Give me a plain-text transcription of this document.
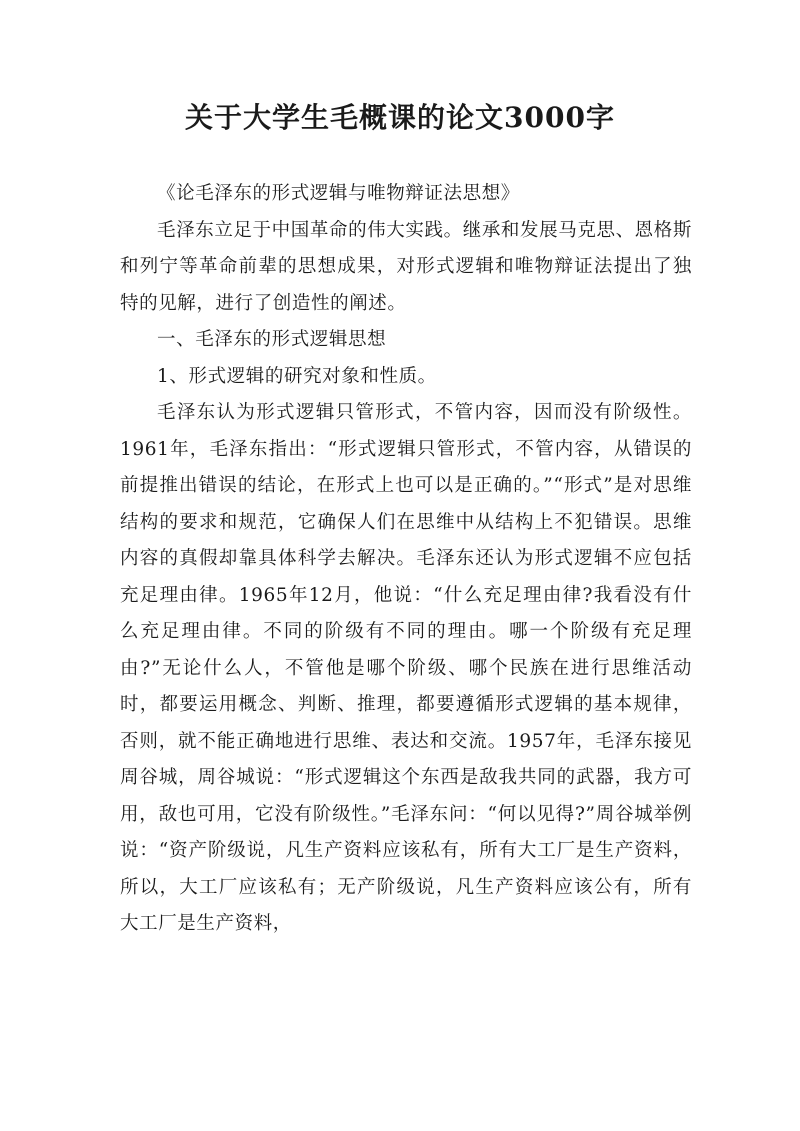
关于大学生毛概课的论文3000字

《论毛泽东的形式逻辑与唯物辩证法思想》

毛泽东立足于中国革命的伟大实践。继承和发展马克思、恩格斯和列宁等革命前辈的思想成果，对形式逻辑和唯物辩证法提出了独特的见解，进行了创造性的阐述。

一、毛泽东的形式逻辑思想

1、形式逻辑的研究对象和性质。

毛泽东认为形式逻辑只管形式，不管内容，因而没有阶级性。1961年，毛泽东指出：“形式逻辑只管形式，不管内容，从错误的前提推出错误的结论，在形式上也可以是正确的。”“形式”是对思维结构的要求和规范，它确保人们在思维中从结构上不犯错误。思维内容的真假却靠具体科学去解决。毛泽东还认为形式逻辑不应包括充足理由律。1965年12月，他说：“什么充足理由律?我看没有什么充足理由律。不同的阶级有不同的理由。哪一个阶级有充足理由?”无论什么人，不管他是哪个阶级、哪个民族在进行思维活动时，都要运用概念、判断、推理，都要遵循形式逻辑的基本规律，否则，就不能正确地进行思维、表达和交流。1957年，毛泽东接见周谷城，周谷城说：“形式逻辑这个东西是敌我共同的武器，我方可用，敌也可用，它没有阶级性。”毛泽东问：“何以见得?”周谷城举例说：“资产阶级说，凡生产资料应该私有，所有大工厂是生产资料，所以，大工厂应该私有；无产阶级说，凡生产资料应该公有，所有大工厂是生产资料，
